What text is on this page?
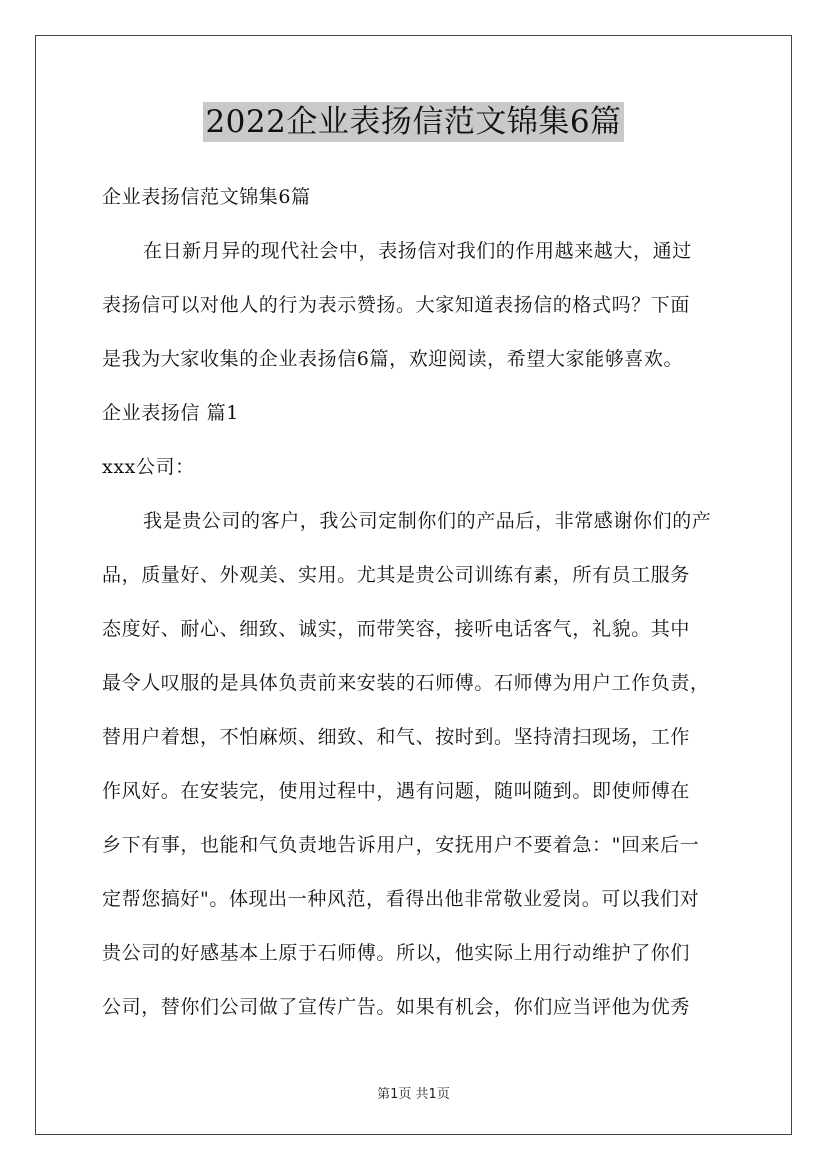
2022企业表扬信范文锦集6篇
企业表扬信范文锦集6篇
在日新月异的现代社会中，表扬信对我们的作用越来越大，通过
表扬信可以对他人的行为表示赞扬。大家知道表扬信的格式吗？下面
是我为大家收集的企业表扬信6篇，欢迎阅读，希望大家能够喜欢。
企业表扬信 篇1
xxx公司：
我是贵公司的客户，我公司定制你们的产品后，非常感谢你们的产
品，质量好、外观美、实用。尤其是贵公司训练有素，所有员工服务
态度好、耐心、细致、诚实，而带笑容，接听电话客气，礼貌。其中
最令人叹服的是具体负责前来安装的石师傅。石师傅为用户工作负责，
替用户着想，不怕麻烦、细致、和气、按时到。坚持清扫现场，工作
作风好。在安装完，使用过程中，遇有问题，随叫随到。即使师傅在
乡下有事，也能和气负责地告诉用户，安抚用户不要着急："回来后一
定帮您搞好"。体现出一种风范，看得出他非常敬业爱岗。可以我们对
贵公司的好感基本上原于石师傅。所以，他实际上用行动维护了你们
公司，替你们公司做了宣传广告。如果有机会，你们应当评他为优秀
第1页 共1页
